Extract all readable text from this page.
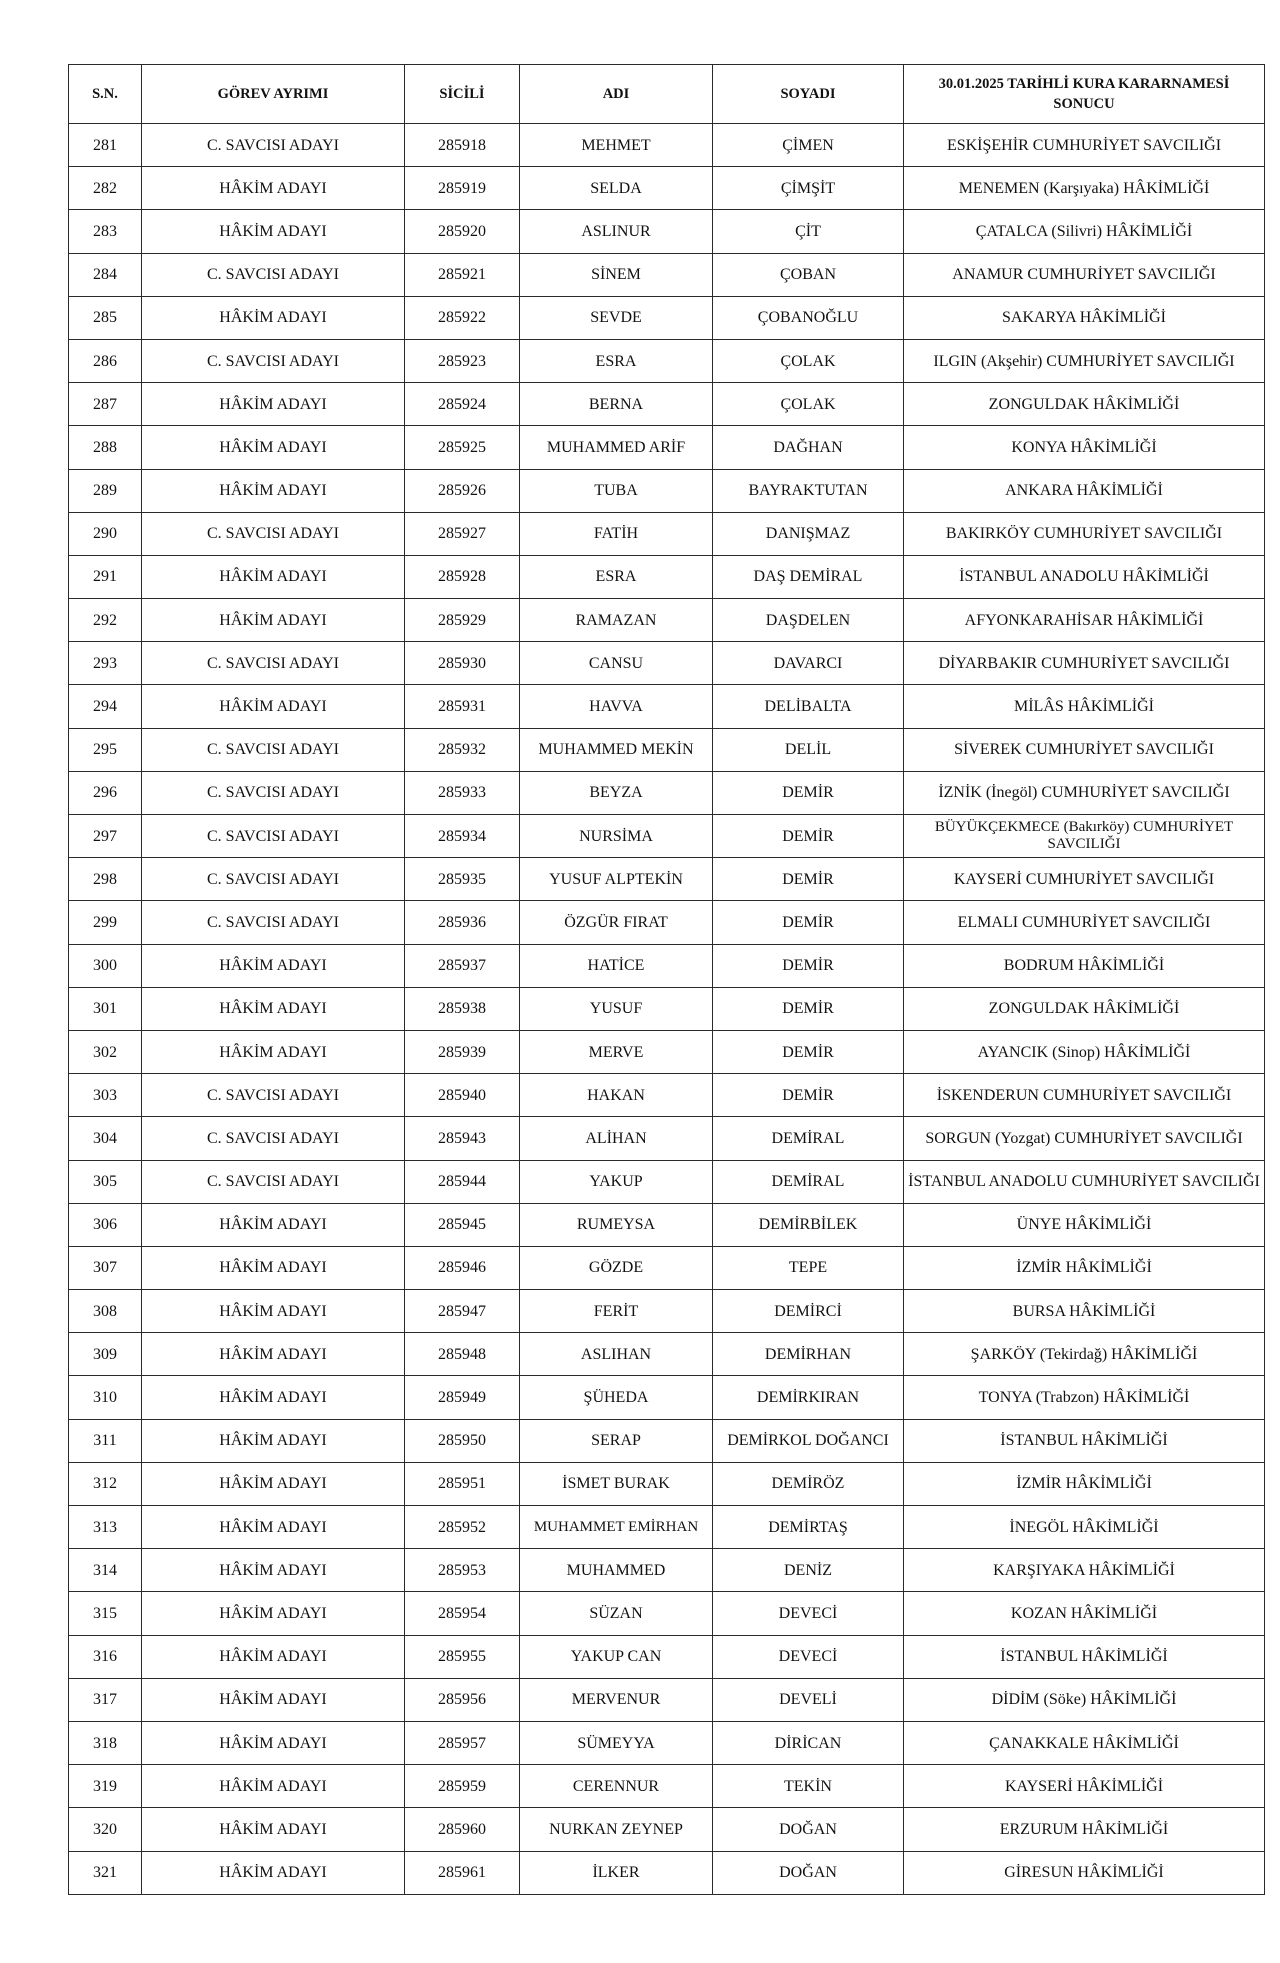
S.N.	GÖREV AYRIMI	SİCİLİ	ADI	SOYADI	30.01.2025 TARİHLİ KURA KARARNAMESİ SONUCU
281	C. SAVCISI ADAYI	285918	MEHMET	ÇİMEN	ESKİŞEHİR CUMHURİYET SAVCILIĞI
282	HÂKİM ADAYI	285919	SELDA	ÇİMŞİT	MENEMEN (Karşıyaka) HÂKİMLİĞİ
283	HÂKİM ADAYI	285920	ASLINUR	ÇİT	ÇATALCA (Silivri) HÂKİMLİĞİ
284	C. SAVCISI ADAYI	285921	SİNEM	ÇOBAN	ANAMUR CUMHURİYET SAVCILIĞI
285	HÂKİM ADAYI	285922	SEVDE	ÇOBANOĞLU	SAKARYA HÂKİMLİĞİ
286	C. SAVCISI ADAYI	285923	ESRA	ÇOLAK	ILGIN (Akşehir) CUMHURİYET SAVCILIĞI
287	HÂKİM ADAYI	285924	BERNA	ÇOLAK	ZONGULDAK HÂKİMLİĞİ
288	HÂKİM ADAYI	285925	MUHAMMED ARİF	DAĞHAN	KONYA HÂKİMLİĞİ
289	HÂKİM ADAYI	285926	TUBA	BAYRAKTUTAN	ANKARA HÂKİMLİĞİ
290	C. SAVCISI ADAYI	285927	FATİH	DANIŞMAZ	BAKIRKÖY CUMHURİYET SAVCILIĞI
291	HÂKİM ADAYI	285928	ESRA	DAŞ DEMİRAL	İSTANBUL ANADOLU HÂKİMLİĞİ
292	HÂKİM ADAYI	285929	RAMAZAN	DAŞDELEN	AFYONKARAHİSAR HÂKİMLİĞİ
293	C. SAVCISI ADAYI	285930	CANSU	DAVARCI	DİYARBAKIR CUMHURİYET SAVCILIĞI
294	HÂKİM ADAYI	285931	HAVVA	DELİBALTA	MİLÂS HÂKİMLİĞİ
295	C. SAVCISI ADAYI	285932	MUHAMMED MEKİN	DELİL	SİVEREK CUMHURİYET SAVCILIĞI
296	C. SAVCISI ADAYI	285933	BEYZA	DEMİR	İZNİK (İnegöl) CUMHURİYET SAVCILIĞI
297	C. SAVCISI ADAYI	285934	NURSİMA	DEMİR	BÜYÜKÇEKMECE (Bakırköy) CUMHURİYET SAVCILIĞI
298	C. SAVCISI ADAYI	285935	YUSUF ALPTEKİN	DEMİR	KAYSERİ CUMHURİYET SAVCILIĞI
299	C. SAVCISI ADAYI	285936	ÖZGÜR FIRAT	DEMİR	ELMALI CUMHURİYET SAVCILIĞI
300	HÂKİM ADAYI	285937	HATİCE	DEMİR	BODRUM HÂKİMLİĞİ
301	HÂKİM ADAYI	285938	YUSUF	DEMİR	ZONGULDAK HÂKİMLİĞİ
302	HÂKİM ADAYI	285939	MERVE	DEMİR	AYANCIK (Sinop) HÂKİMLİĞİ
303	C. SAVCISI ADAYI	285940	HAKAN	DEMİR	İSKENDERUN CUMHURİYET SAVCILIĞI
304	C. SAVCISI ADAYI	285943	ALİHAN	DEMİRAL	SORGUN (Yozgat) CUMHURİYET SAVCILIĞI
305	C. SAVCISI ADAYI	285944	YAKUP	DEMİRAL	İSTANBUL ANADOLU CUMHURİYET SAVCILIĞI
306	HÂKİM ADAYI	285945	RUMEYSA	DEMİRBİLEK	ÜNYE HÂKİMLİĞİ
307	HÂKİM ADAYI	285946	GÖZDE	TEPE	İZMİR HÂKİMLİĞİ
308	HÂKİM ADAYI	285947	FERİT	DEMİRCİ	BURSA HÂKİMLİĞİ
309	HÂKİM ADAYI	285948	ASLIHAN	DEMİRHAN	ŞARKÖY (Tekirdağ) HÂKİMLİĞİ
310	HÂKİM ADAYI	285949	ŞÜHEDA	DEMİRKIRAN	TONYA (Trabzon) HÂKİMLİĞİ
311	HÂKİM ADAYI	285950	SERAP	DEMİRKOL DOĞANCI	İSTANBUL HÂKİMLİĞİ
312	HÂKİM ADAYI	285951	İSMET BURAK	DEMİRÖZ	İZMİR HÂKİMLİĞİ
313	HÂKİM ADAYI	285952	MUHAMMET EMİRHAN	DEMİRTAŞ	İNEGÖL HÂKİMLİĞİ
314	HÂKİM ADAYI	285953	MUHAMMED	DENİZ	KARŞIYAKA HÂKİMLİĞİ
315	HÂKİM ADAYI	285954	SÜZAN	DEVECİ	KOZAN HÂKİMLİĞİ
316	HÂKİM ADAYI	285955	YAKUP CAN	DEVECİ	İSTANBUL HÂKİMLİĞİ
317	HÂKİM ADAYI	285956	MERVENUR	DEVELİ	DİDİM (Söke) HÂKİMLİĞİ
318	HÂKİM ADAYI	285957	SÜMEYYA	DİRİCAN	ÇANAKKALE HÂKİMLİĞİ
319	HÂKİM ADAYI	285959	CERENNUR	TEKİN	KAYSERİ HÂKİMLİĞİ
320	HÂKİM ADAYI	285960	NURKAN ZEYNEP	DOĞAN	ERZURUM HÂKİMLİĞİ
321	HÂKİM ADAYI	285961	İLKER	DOĞAN	GİRESUN HÂKİMLİĞİ
